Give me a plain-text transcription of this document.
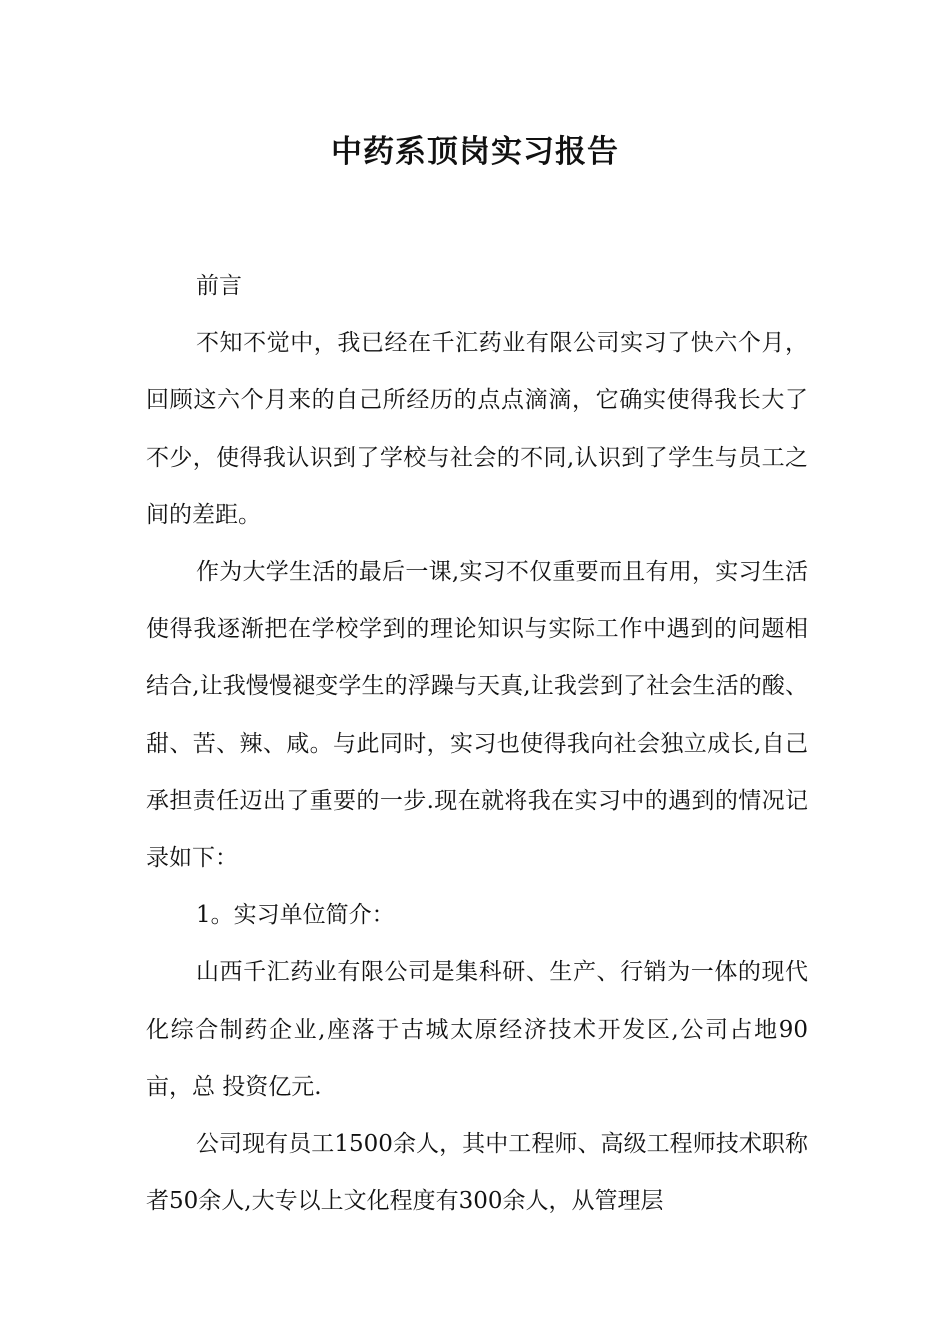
中药系顶岗实习报告

前言

不知不觉中，我已经在千汇药业有限公司实习了快六个月，回顾这六个月来的自己所经历的点点滴滴，它确实使得我长大了不少，使得我认识到了学校与社会的不同,认识到了学生与员工之间的差距。

作为大学生活的最后一课,实习不仅重要而且有用，实习生活使得我逐渐把在学校学到的理论知识与实际工作中遇到的问题相结合,让我慢慢褪变学生的浮躁与天真,让我尝到了社会生活的酸、甜、苦、辣、咸。与此同时，实习也使得我向社会独立成长,自己承担责任迈出了重要的一步.现在就将我在实习中的遇到的情况记录如下：

1。实习单位简介：

山西千汇药业有限公司是集科研、生产、行销为一体的现代化综合制药企业,座落于古城太原经济技术开发区,公司占地90亩，总 投资亿元.

公司现有员工1500余人，其中工程师、高级工程师技术职称者50余人,大专以上文化程度有300余人，从管理层
